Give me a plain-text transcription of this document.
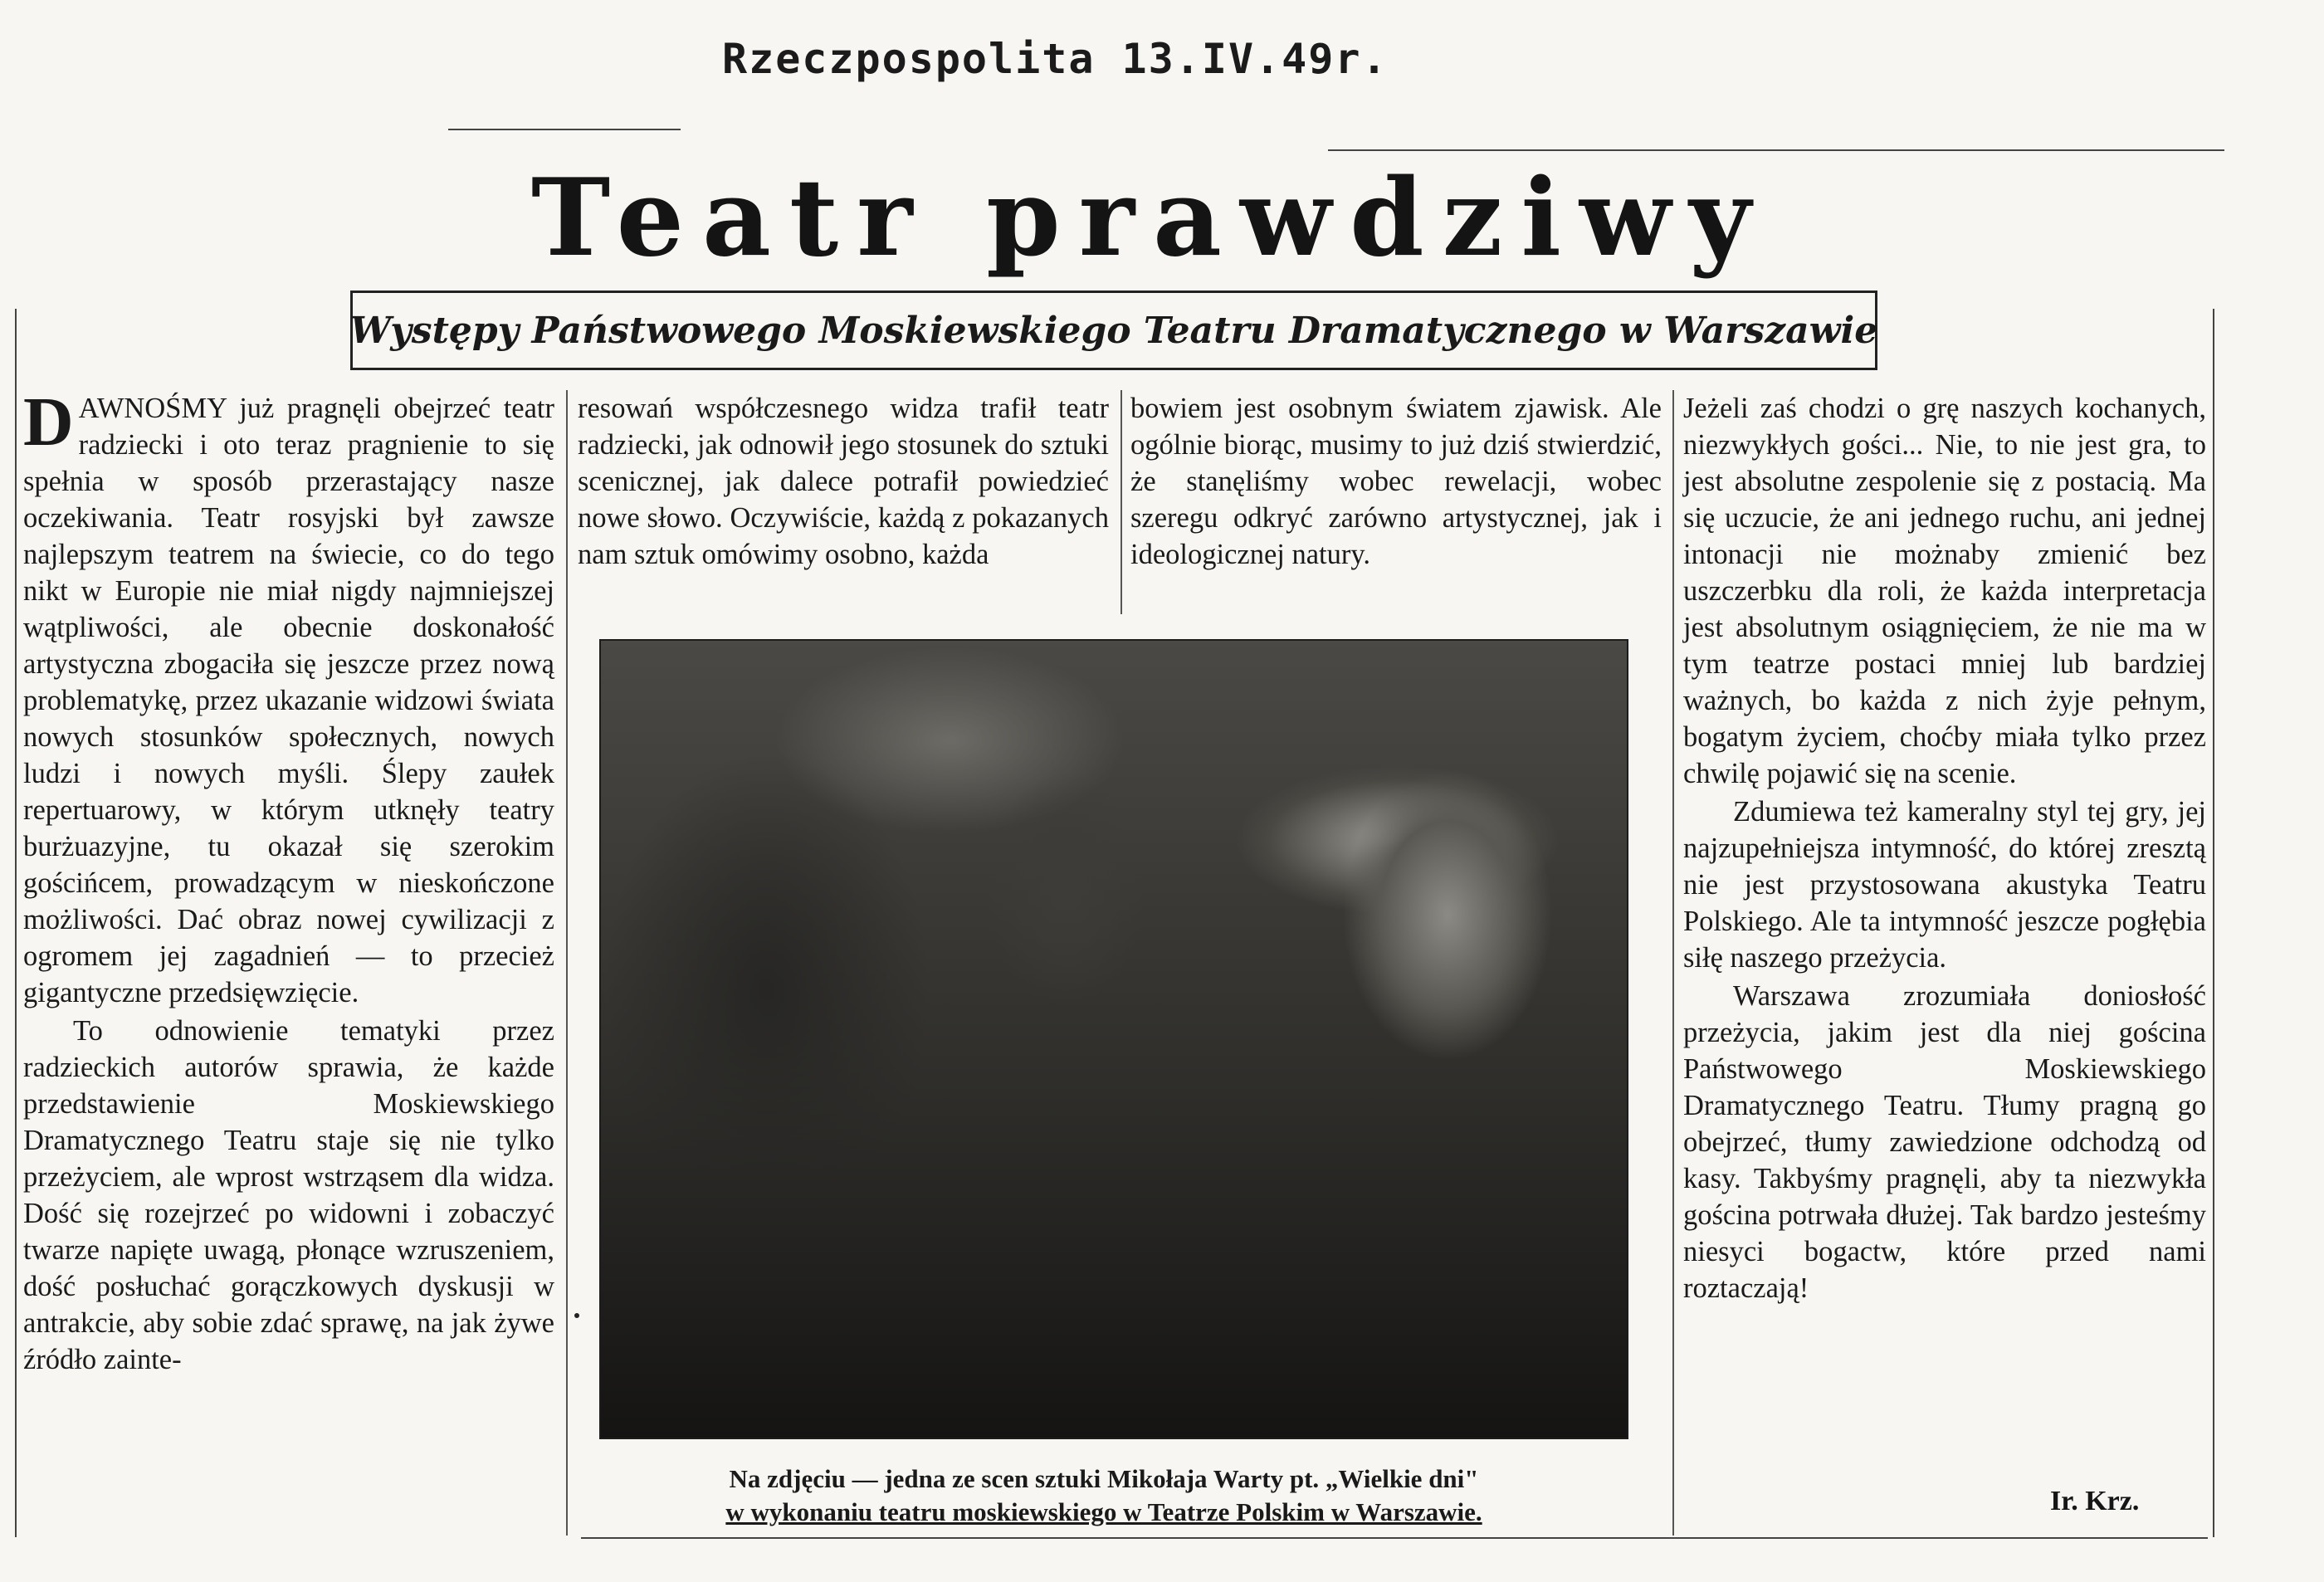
Rzeczpospolita 13.IV.49r.
Teatr prawdziwy
Występy Państwowego Moskiewskiego Teatru Dramatycznego w Warszawie

DAWNOŚMY już pragnęli obejrzeć teatr radziecki i oto teraz pragnienie to się spełnia w sposób przerastający nasze oczekiwania. Teatr rosyjski był zawsze najlepszym teatrem na świecie, co do tego nikt w Europie nie miał nigdy najmniejszej wątpliwości, ale obecnie doskonałość artystyczna zbogaciła się jeszcze przez nową problematykę, przez ukazanie widzowi świata nowych stosunków społecznych, nowych ludzi i nowych myśli. Ślepy zaułek repertuarowy, w którym utknęły teatry burżuazyjne, tu okazał się szerokim gościńcem, prowadzącym w nieskończone możliwości. Dać obraz nowej cywilizacji z ogromem jej zagadnień — to przecież gigantyczne przedsięwzięcie.

To odnowienie tematyki przez radzieckich autorów sprawia, że każde przedstawienie Moskiewskiego Dramatycznego Teatru staje się nie tylko przeżyciem, ale wprost wstrząsem dla widza. Dość się rozejrzeć po widowni i zobaczyć twarze napięte uwagą, płonące wzruszeniem, dość posłuchać gorączkowych dyskusji w antrakcie, aby sobie zdać sprawę, na jak żywe źródło zainte-

resowań współczesnego widza trafił teatr radziecki, jak odnowił jego stosunek do sztuki scenicznej, jak dalece potrafił powiedzieć nowe słowo. Oczywiście, każdą z pokazanych nam sztuk omówimy osobno, każda

bowiem jest osobnym światem zjawisk. Ale ogólnie biorąc, musimy to już dziś stwierdzić, że stanęliśmy wobec rewelacji, wobec szeregu odkryć zarówno artystycznej, jak i ideologicznej natury.

Jeżeli zaś chodzi o grę naszych kochanych, niezwykłych gości... Nie, to nie jest gra, to jest absolutne zespolenie się z postacią. Ma się uczucie, że ani jednego ruchu, ani jednej intonacji nie możnaby zmienić bez uszczerbku dla roli, że każda interpretacja jest absolutnym osiągnięciem, że nie ma w tym teatrze postaci mniej lub bardziej ważnych, bo każda z nich żyje pełnym, bogatym życiem, choćby miała tylko przez chwilę pojawić się na scenie.

Zdumiewa też kameralny styl tej gry, jej najzupełniejsza intymność, do której zresztą nie jest przystosowana akustyka Teatru Polskiego. Ale ta intymność jeszcze pogłębia siłę naszego przeżycia.

Warszawa zrozumiała doniosłość przeżycia, jakim jest dla niej gościna Państwowego Moskiewskiego Dramatycznego Teatru. Tłumy pragną go obejrzeć, tłumy zawiedzione odchodzą od kasy. Takbyśmy pragnęli, aby ta niezwykła gościna potrwała dłużej. Tak bardzo jesteśmy niesyci bogactw, które przed nami roztaczają!

Na zdjęciu — jedna ze scen sztuki Mikołaja Warty pt. „Wielkie dni"
w wykonaniu teatru moskiewskiego w Teatrze Polskim w Warszawie.	Ir. Krz.
